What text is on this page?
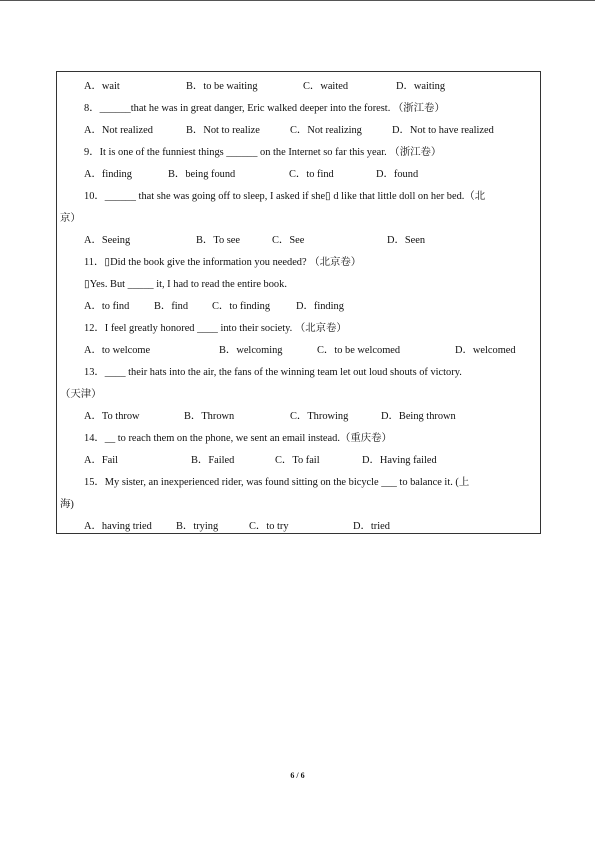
A．wait	B．to be waiting	C．waited	D．waiting
8．______that he was in great danger, Eric walked deeper into the forest. （浙江卷）
A．Not realized	B．Not to realize	C．Not realizing	D．Not to have realized
9．It is one of the funniest things ______ on the Internet so far this year. （浙江卷）
A．finding	B．being found	C．to find	D．found
10．______ that she was going off to sleep, I asked if she▯ d like that little doll on her bed.（北
京）
A．Seeing	B．To see	C．See	D．Seen
11．▯Did the book give the information you needed? （北京卷）
▯Yes. But _____ it, I had to read the entire book.
A．to find B．find C．to finding D．finding
12．I feel greatly honored ____ into their society. （北京卷）
A．to welcome	B．welcoming	C．to be welcomed	D．welcomed
13．____ their hats into the air, the fans of the winning team let out loud shouts of victory.
（天津）
A．To throw	B．Thrown	C．Throwing	D．Being thrown
14．__ to reach them on the phone, we sent an email instead.（重庆卷）
A．Fail	B．Failed	C．To fail	D．Having failed
15．My sister, an inexperienced rider, was found sitting on the bicycle ___ to balance it. (上
海)
A．having tried B．trying	C．to try	D．tried
6 / 6
